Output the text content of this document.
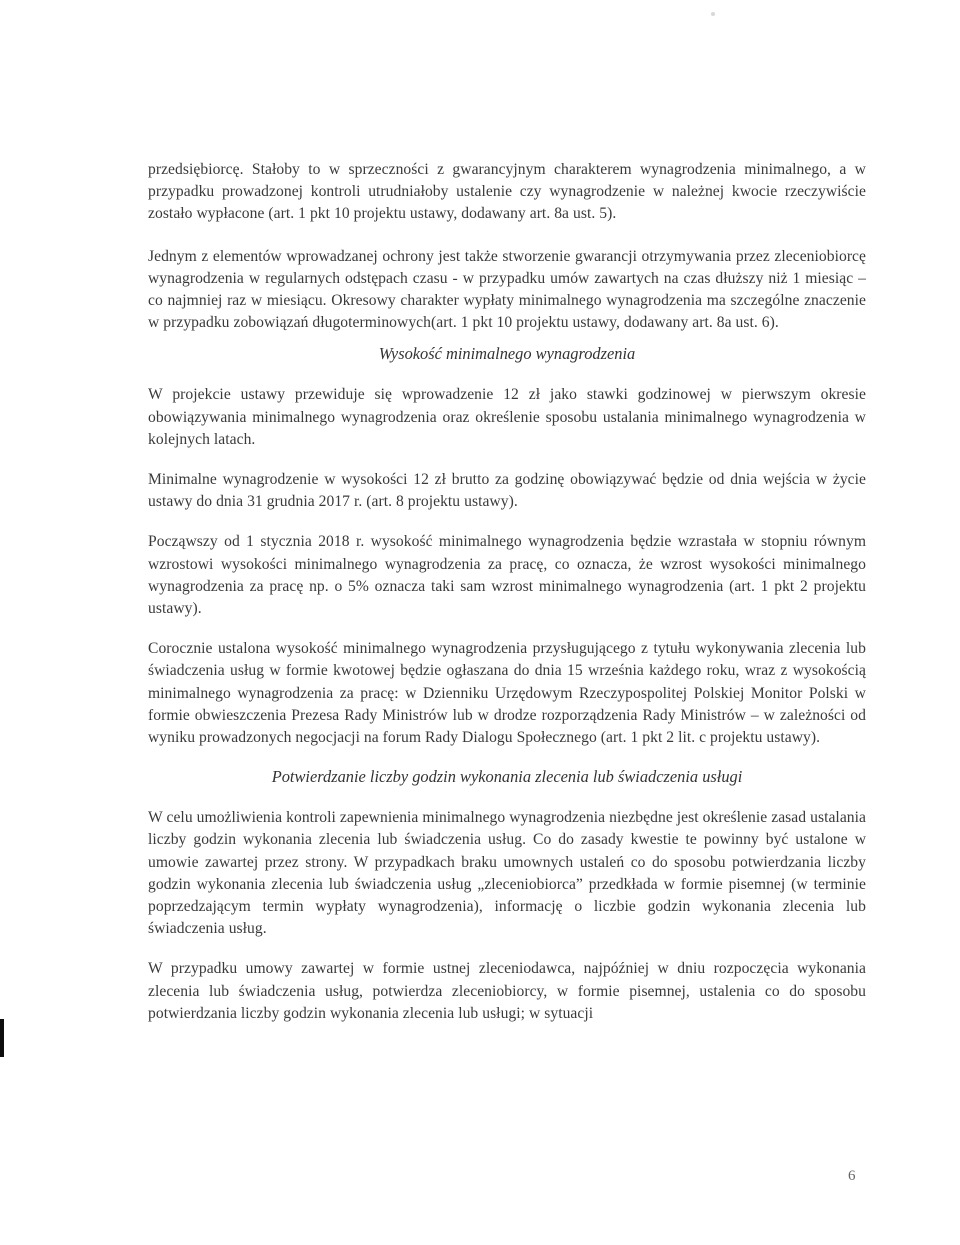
przedsiębiorcę. Stałoby to w sprzeczności z gwarancyjnym charakterem wynagrodzenia minimalnego, a w przypadku prowadzonej kontroli utrudniałoby ustalenie czy wynagrodzenie w należnej kwocie rzeczywiście zostało wypłacone (art. 1 pkt 10 projektu ustawy, dodawany art. 8a ust. 5).

Jednym z elementów wprowadzanej ochrony jest także stworzenie gwarancji otrzymywania przez zleceniobiorcę wynagrodzenia w regularnych odstępach czasu - w przypadku umów zawartych na czas dłuższy niż 1 miesiąc – co najmniej raz w miesiącu. Okresowy charakter wypłaty minimalnego wynagrodzenia ma szczególne znaczenie w przypadku zobowiązań długoterminowych(art. 1 pkt 10 projektu ustawy, dodawany art. 8a ust. 6).

Wysokość minimalnego wynagrodzenia

W projekcie ustawy przewiduje się wprowadzenie 12 zł jako stawki godzinowej w pierwszym okresie obowiązywania minimalnego wynagrodzenia oraz określenie sposobu ustalania minimalnego wynagrodzenia w kolejnych latach.

Minimalne wynagrodzenie w wysokości 12 zł brutto za godzinę obowiązywać będzie od dnia wejścia w życie ustawy do dnia 31 grudnia 2017 r. (art. 8 projektu ustawy).

Począwszy od 1 stycznia 2018 r. wysokość minimalnego wynagrodzenia będzie wzrastała w stopniu równym wzrostowi wysokości minimalnego wynagrodzenia za pracę, co oznacza, że wzrost wysokości minimalnego wynagrodzenia za pracę np. o 5% oznacza taki sam wzrost minimalnego wynagrodzenia (art. 1 pkt 2 projektu ustawy).

Corocznie ustalona wysokość minimalnego wynagrodzenia przysługującego z tytułu wykonywania zlecenia lub świadczenia usług w formie kwotowej będzie ogłaszana do dnia 15 września każdego roku, wraz z wysokością minimalnego wynagrodzenia za pracę: w Dzienniku Urzędowym Rzeczypospolitej Polskiej Monitor Polski w formie obwieszczenia Prezesa Rady Ministrów lub w drodze rozporządzenia Rady Ministrów – w zależności od wyniku prowadzonych negocjacji na forum Rady Dialogu Społecznego (art. 1 pkt 2 lit. c projektu ustawy).

Potwierdzanie liczby godzin wykonania zlecenia lub świadczenia usługi

W celu umożliwienia kontroli zapewnienia minimalnego wynagrodzenia niezbędne jest określenie zasad ustalania liczby godzin wykonania zlecenia lub świadczenia usług. Co do zasady kwestie te powinny być ustalone w umowie zawartej przez strony. W przypadkach braku umownych ustaleń co do sposobu potwierdzania liczby godzin wykonania zlecenia lub świadczenia usług „zleceniobiorca” przedkłada w formie pisemnej (w terminie poprzedzającym termin wypłaty wynagrodzenia), informację o liczbie godzin wykonania zlecenia lub świadczenia usług.

W przypadku umowy zawartej w formie ustnej zleceniodawca, najpóźniej w dniu rozpoczęcia wykonania zlecenia lub świadczenia usług, potwierdza zleceniobiorcy, w formie pisemnej, ustalenia co do sposobu potwierdzania liczby godzin wykonania zlecenia lub usługi; w sytuacji

6
